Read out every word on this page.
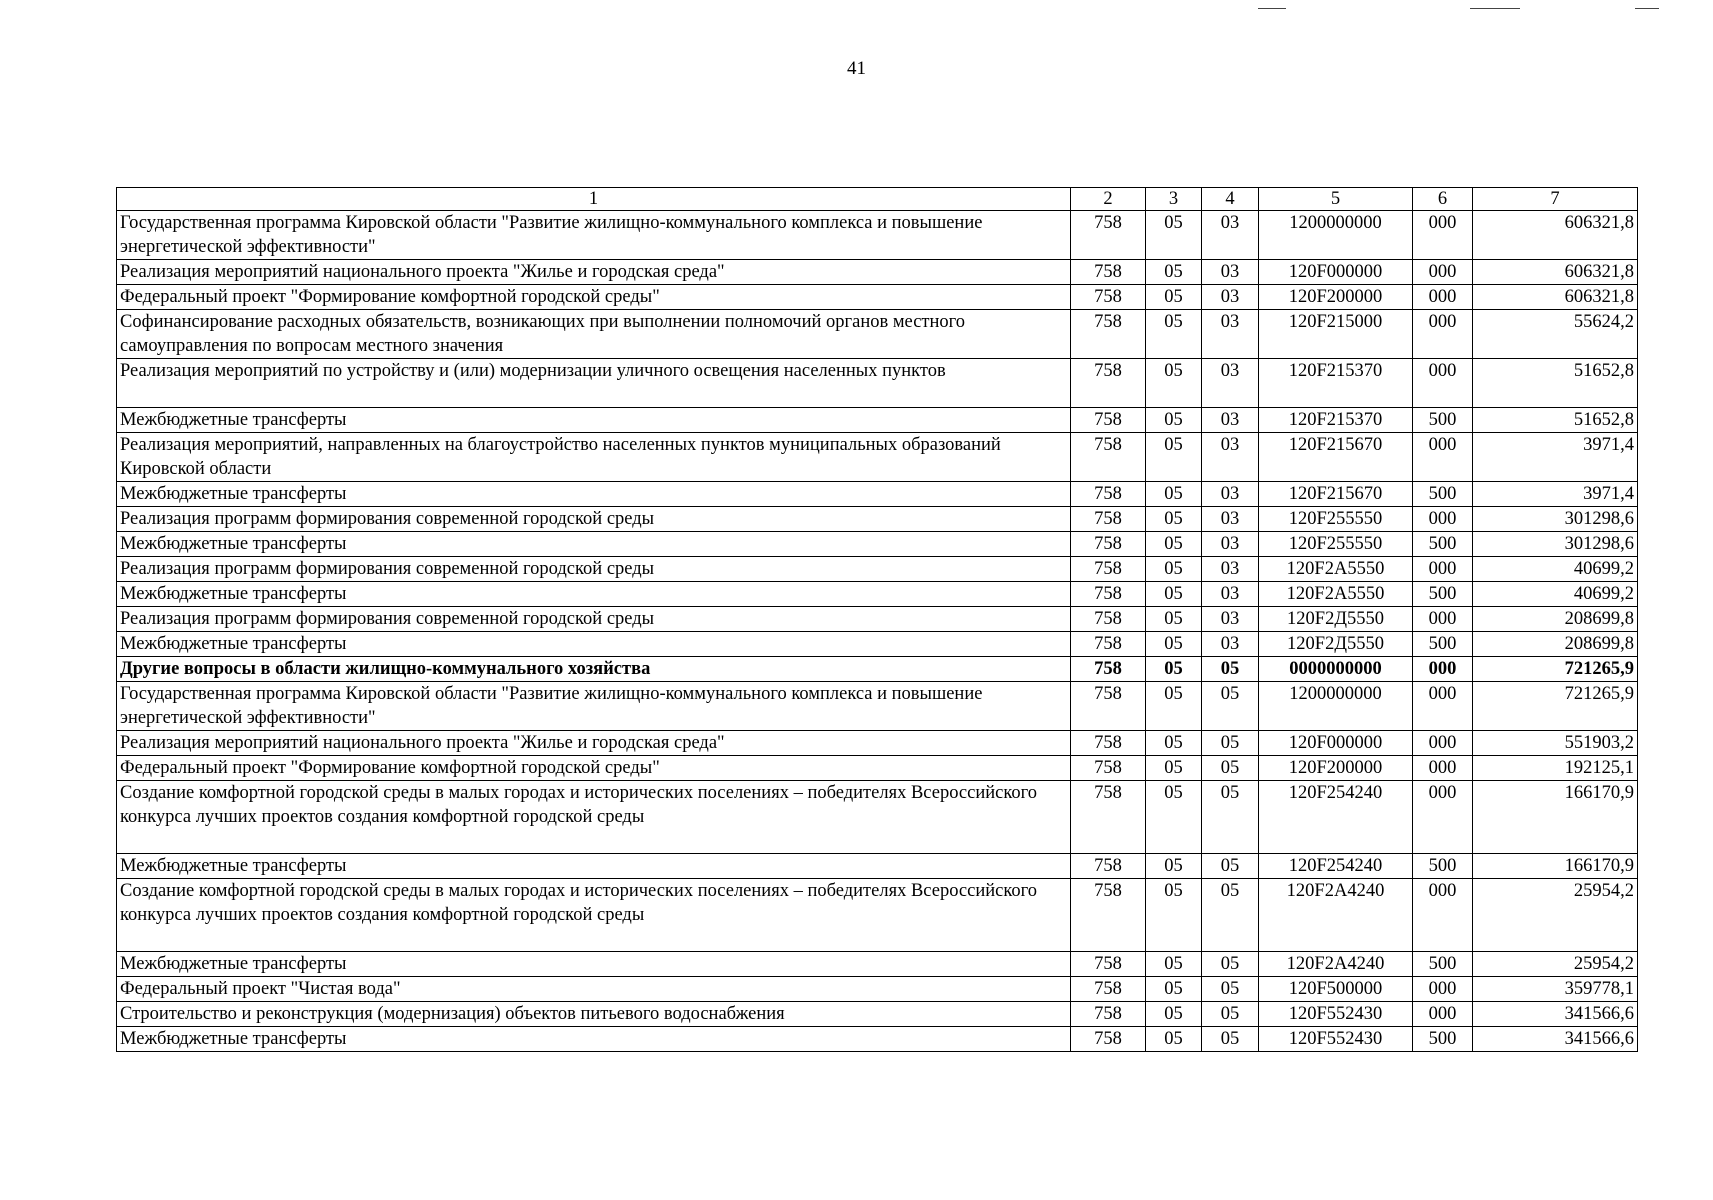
41
1	2	3	4	5	6	7
Государственная программа Кировской области "Развитие жилищно-коммунального комплекса и повышение энергетической эффективности"	758	05	03	1200000000	000	606321,8
Реализация мероприятий национального проекта "Жилье и городская среда"	758	05	03	120F000000	000	606321,8
Федеральный проект "Формирование комфортной городской среды"	758	05	03	120F200000	000	606321,8
Софинансирование расходных обязательств, возникающих при выполнении полномочий органов местного самоуправления по вопросам местного значения	758	05	03	120F215000	000	55624,2
Реализация мероприятий по устройству и (или) модернизации уличного освещения населенных пунктов	758	05	03	120F215370	000	51652,8
Межбюджетные трансферты	758	05	03	120F215370	500	51652,8
Реализация мероприятий, направленных на благоустройство населенных пунктов муниципальных образований Кировской области	758	05	03	120F215670	000	3971,4
Межбюджетные трансферты	758	05	03	120F215670	500	3971,4
Реализация программ формирования современной городской среды	758	05	03	120F255550	000	301298,6
Межбюджетные трансферты	758	05	03	120F255550	500	301298,6
Реализация программ формирования современной городской среды	758	05	03	120F2A5550	000	40699,2
Межбюджетные трансферты	758	05	03	120F2A5550	500	40699,2
Реализация программ формирования современной городской среды	758	05	03	120F2Д5550	000	208699,8
Межбюджетные трансферты	758	05	03	120F2Д5550	500	208699,8
Другие вопросы в области жилищно-коммунального хозяйства	758	05	05	0000000000	000	721265,9
Государственная программа Кировской области "Развитие жилищно-коммунального комплекса и повышение энергетической эффективности"	758	05	05	1200000000	000	721265,9
Реализация мероприятий национального проекта "Жилье и городская среда"	758	05	05	120F000000	000	551903,2
Федеральный проект "Формирование комфортной городской среды"	758	05	05	120F200000	000	192125,1
Создание комфортной городской среды в малых городах и исторических поселениях – победителях Всероссийского конкурса лучших проектов создания комфортной городской среды	758	05	05	120F254240	000	166170,9
Межбюджетные трансферты	758	05	05	120F254240	500	166170,9
Создание комфортной городской среды в малых городах и исторических поселениях – победителях Всероссийского конкурса лучших проектов создания комфортной городской среды	758	05	05	120F2A4240	000	25954,2
Межбюджетные трансферты	758	05	05	120F2A4240	500	25954,2
Федеральный проект "Чистая вода"	758	05	05	120F500000	000	359778,1
Строительство и реконструкция (модернизация) объектов питьевого водоснабжения	758	05	05	120F552430	000	341566,6
Межбюджетные трансферты	758	05	05	120F552430	500	341566,6
